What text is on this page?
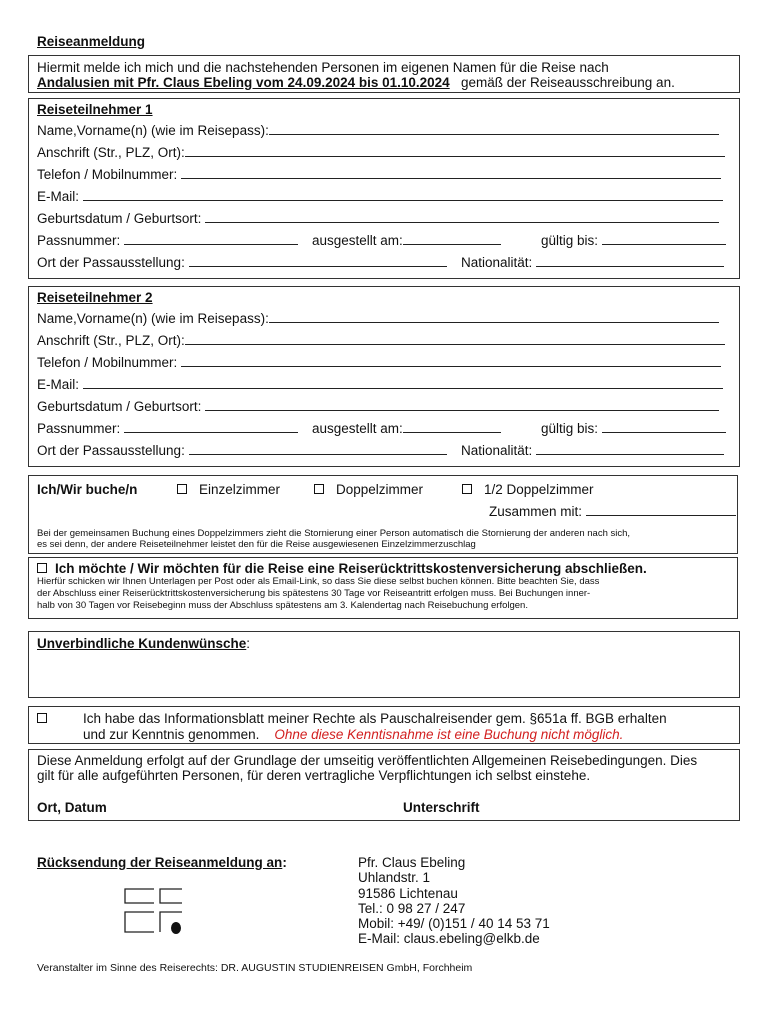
Reiseanmeldung
Hiermit melde ich mich und die nachstehenden Personen im eigenen Namen für die Reise nach
Andalusien mit Pfr. Claus Ebeling vom 24.09.2024 bis 01.10.2024 gemäß der Reiseausschreibung an.
Reiseteilnehmer 1
Name,Vorname(n) (wie im Reisepass):
Anschrift (Str., PLZ, Ort):
Telefon / Mobilnummer:
E-Mail:
Geburtsdatum / Geburtsort:
Passnummer:	ausgestellt am:	gültig bis:
Ort der Passausstellung:	Nationalität:
Reiseteilnehmer 2
Name,Vorname(n) (wie im Reisepass):
Anschrift (Str., PLZ, Ort):
Telefon / Mobilnummer:
E-Mail:
Geburtsdatum / Geburtsort:
Passnummer:	ausgestellt am:	gültig bis:
Ort der Passausstellung:	Nationalität:
Ich/Wir buche/n	Einzelzimmer	Doppelzimmer	1/2 Doppelzimmer
Zusammen mit:
Bei der gemeinsamen Buchung eines Doppelzimmers zieht die Stornierung einer Person automatisch die Stornierung der anderen nach sich,
es sei denn, der andere Reiseteilnehmer leistet den für die Reise ausgewiesenen Einzelzimmerzuschlag
Ich möchte / Wir möchten für die Reise eine Reiserücktrittskostenversicherung abschließen.
Hierfür schicken wir Ihnen Unterlagen per Post oder als Email-Link, so dass Sie diese selbst buchen können. Bitte beachten Sie, dass
der Abschluss einer Reiserücktrittskostenversicherung bis spätestens 30 Tage vor Reiseantritt erfolgen muss. Bei Buchungen inner-
halb von 30 Tagen vor Reisebeginn muss der Abschluss spätestens am 3. Kalendertag nach Reisebuchung erfolgen.
Unverbindliche Kundenwünsche:
Ich habe das Informationsblatt meiner Rechte als Pauschalreisender gem. §651a ff. BGB erhalten
und zur Kenntnis genommen. Ohne diese Kenntisnahme ist eine Buchung nicht möglich.
Diese Anmeldung erfolgt auf der Grundlage der umseitig veröffentlichten Allgemeinen Reisebedingungen. Dies
gilt für alle aufgeführten Personen, für deren vertragliche Verpflichtungen ich selbst einstehe.
Ort, Datum	Unterschrift
Rücksendung der Reiseanmeldung an:	Pfr. Claus Ebeling
Uhlandstr. 1
91586 Lichtenau
Tel.: 0 98 27 / 247
Mobil: +49/ (0)151 / 40 14 53 71
E-Mail: claus.ebeling@elkb.de
Veranstalter im Sinne des Reiserechts: DR. AUGUSTIN STUDIENREISEN GmbH, Forchheim
